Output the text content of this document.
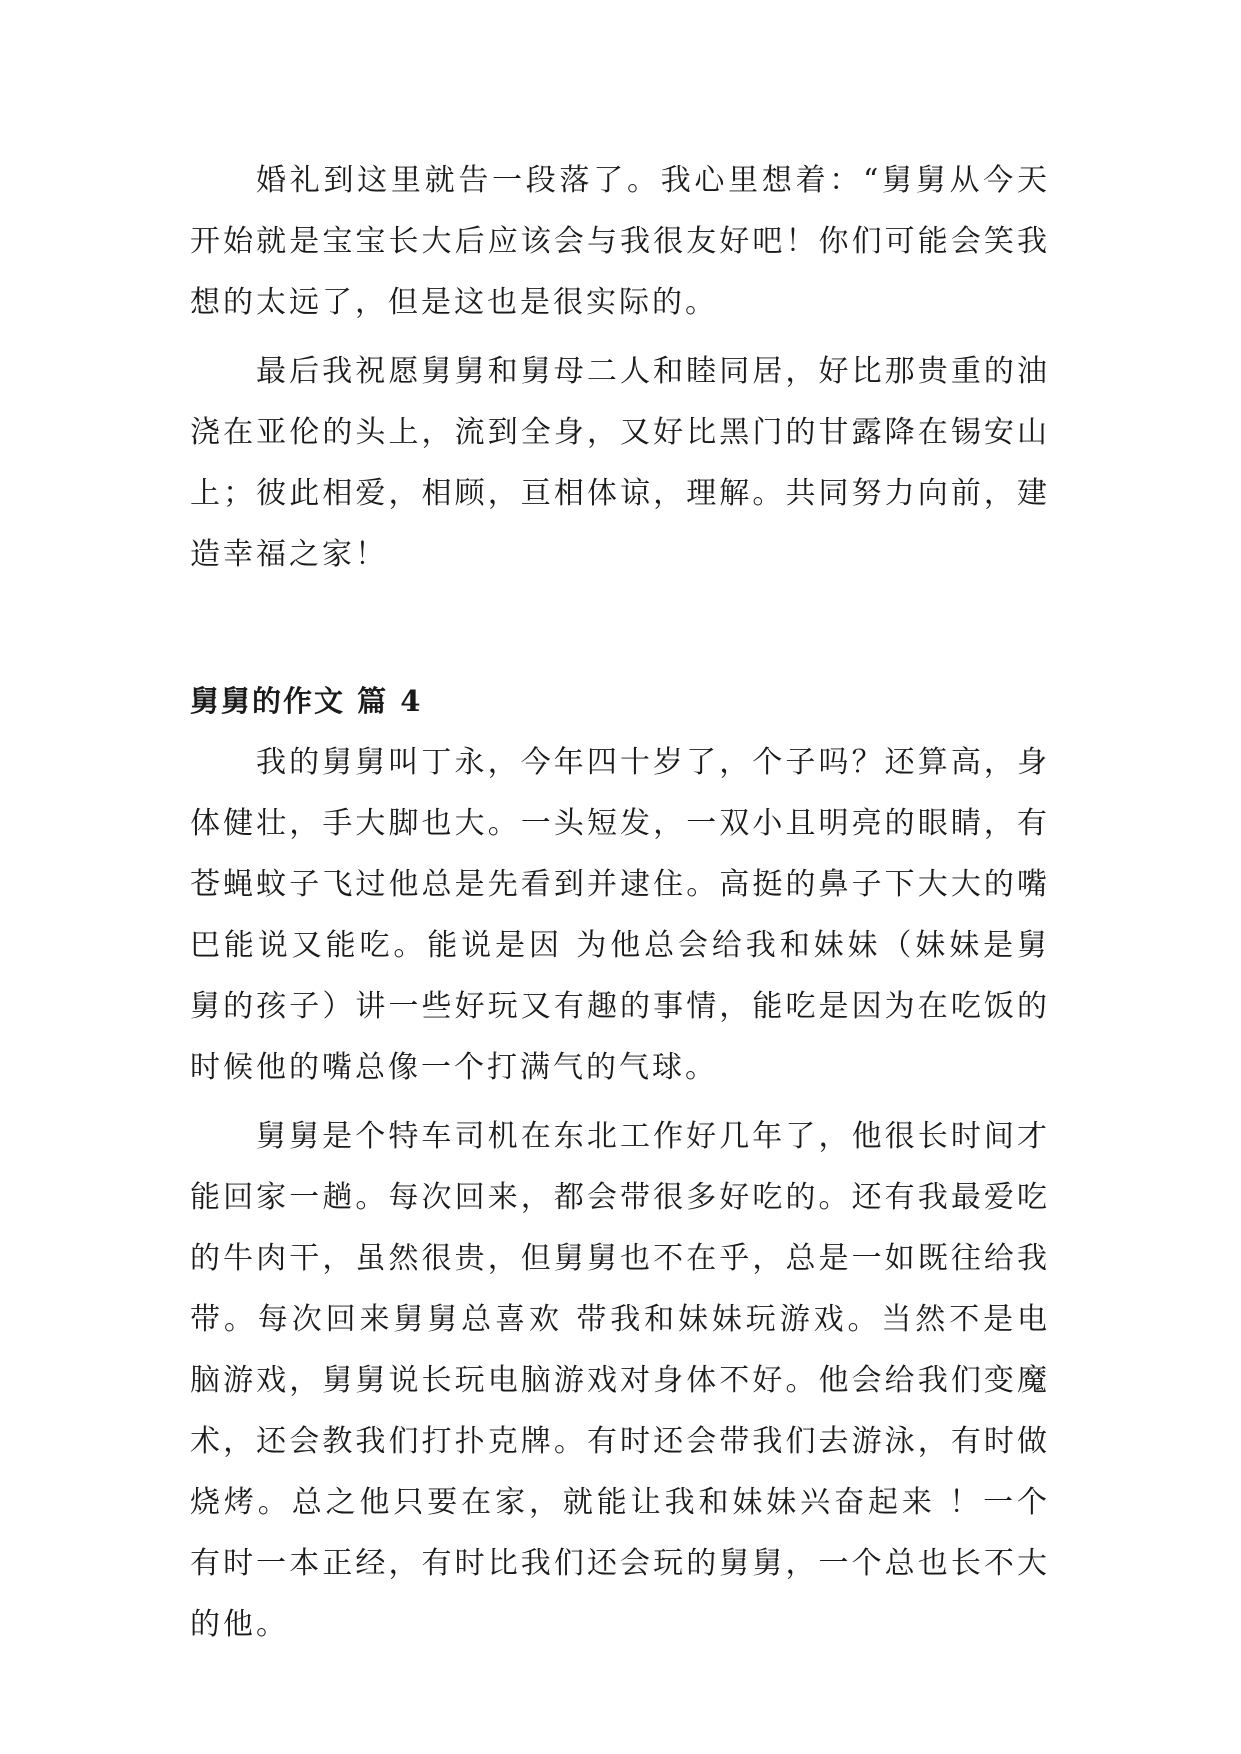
婚礼到这里就告一段落了。我心里想着：“舅舅从今天开始就是宝宝长大后应该会与我很友好吧！你们可能会笑我想的太远了，但是这也是很实际的。

最后我祝愿舅舅和舅母二人和睦同居，好比那贵重的油浇在亚伦的头上，流到全身，又好比黑门的甘露降在锡安山上；彼此相爱，相顾，亘相体谅，理解。共同努力向前，建造幸福之家！

舅舅的作文 篇 4

我的舅舅叫丁永，今年四十岁了，个子吗？还算高，身体健壮，手大脚也大。一头短发，一双小且明亮的眼睛，有苍蝇蚊子飞过他总是先看到并逮住。高挺的鼻子下大大的嘴巴能说又能吃。能说是因 为他总会给我和妹妹（妹妹是舅舅的孩子）讲一些好玩又有趣的事情，能吃是因为在吃饭的时候他的嘴总像一个打满气的气球。

舅舅是个特车司机在东北工作好几年了，他很长时间才能回家一趟。每次回来，都会带很多好吃的。还有我最爱吃的牛肉干，虽然很贵，但舅舅也不在乎，总是一如既往给我带。每次回来舅舅总喜欢 带我和妹妹玩游戏。当然不是电脑游戏，舅舅说长玩电脑游戏对身体不好。他会给我们变魔术，还会教我们打扑克牌。有时还会带我们去游泳，有时做烧烤。总之他只要在家，就能让我和妹妹兴奋起来 ！一个有时一本正经，有时比我们还会玩的舅舅，一个总也长不大的他。
